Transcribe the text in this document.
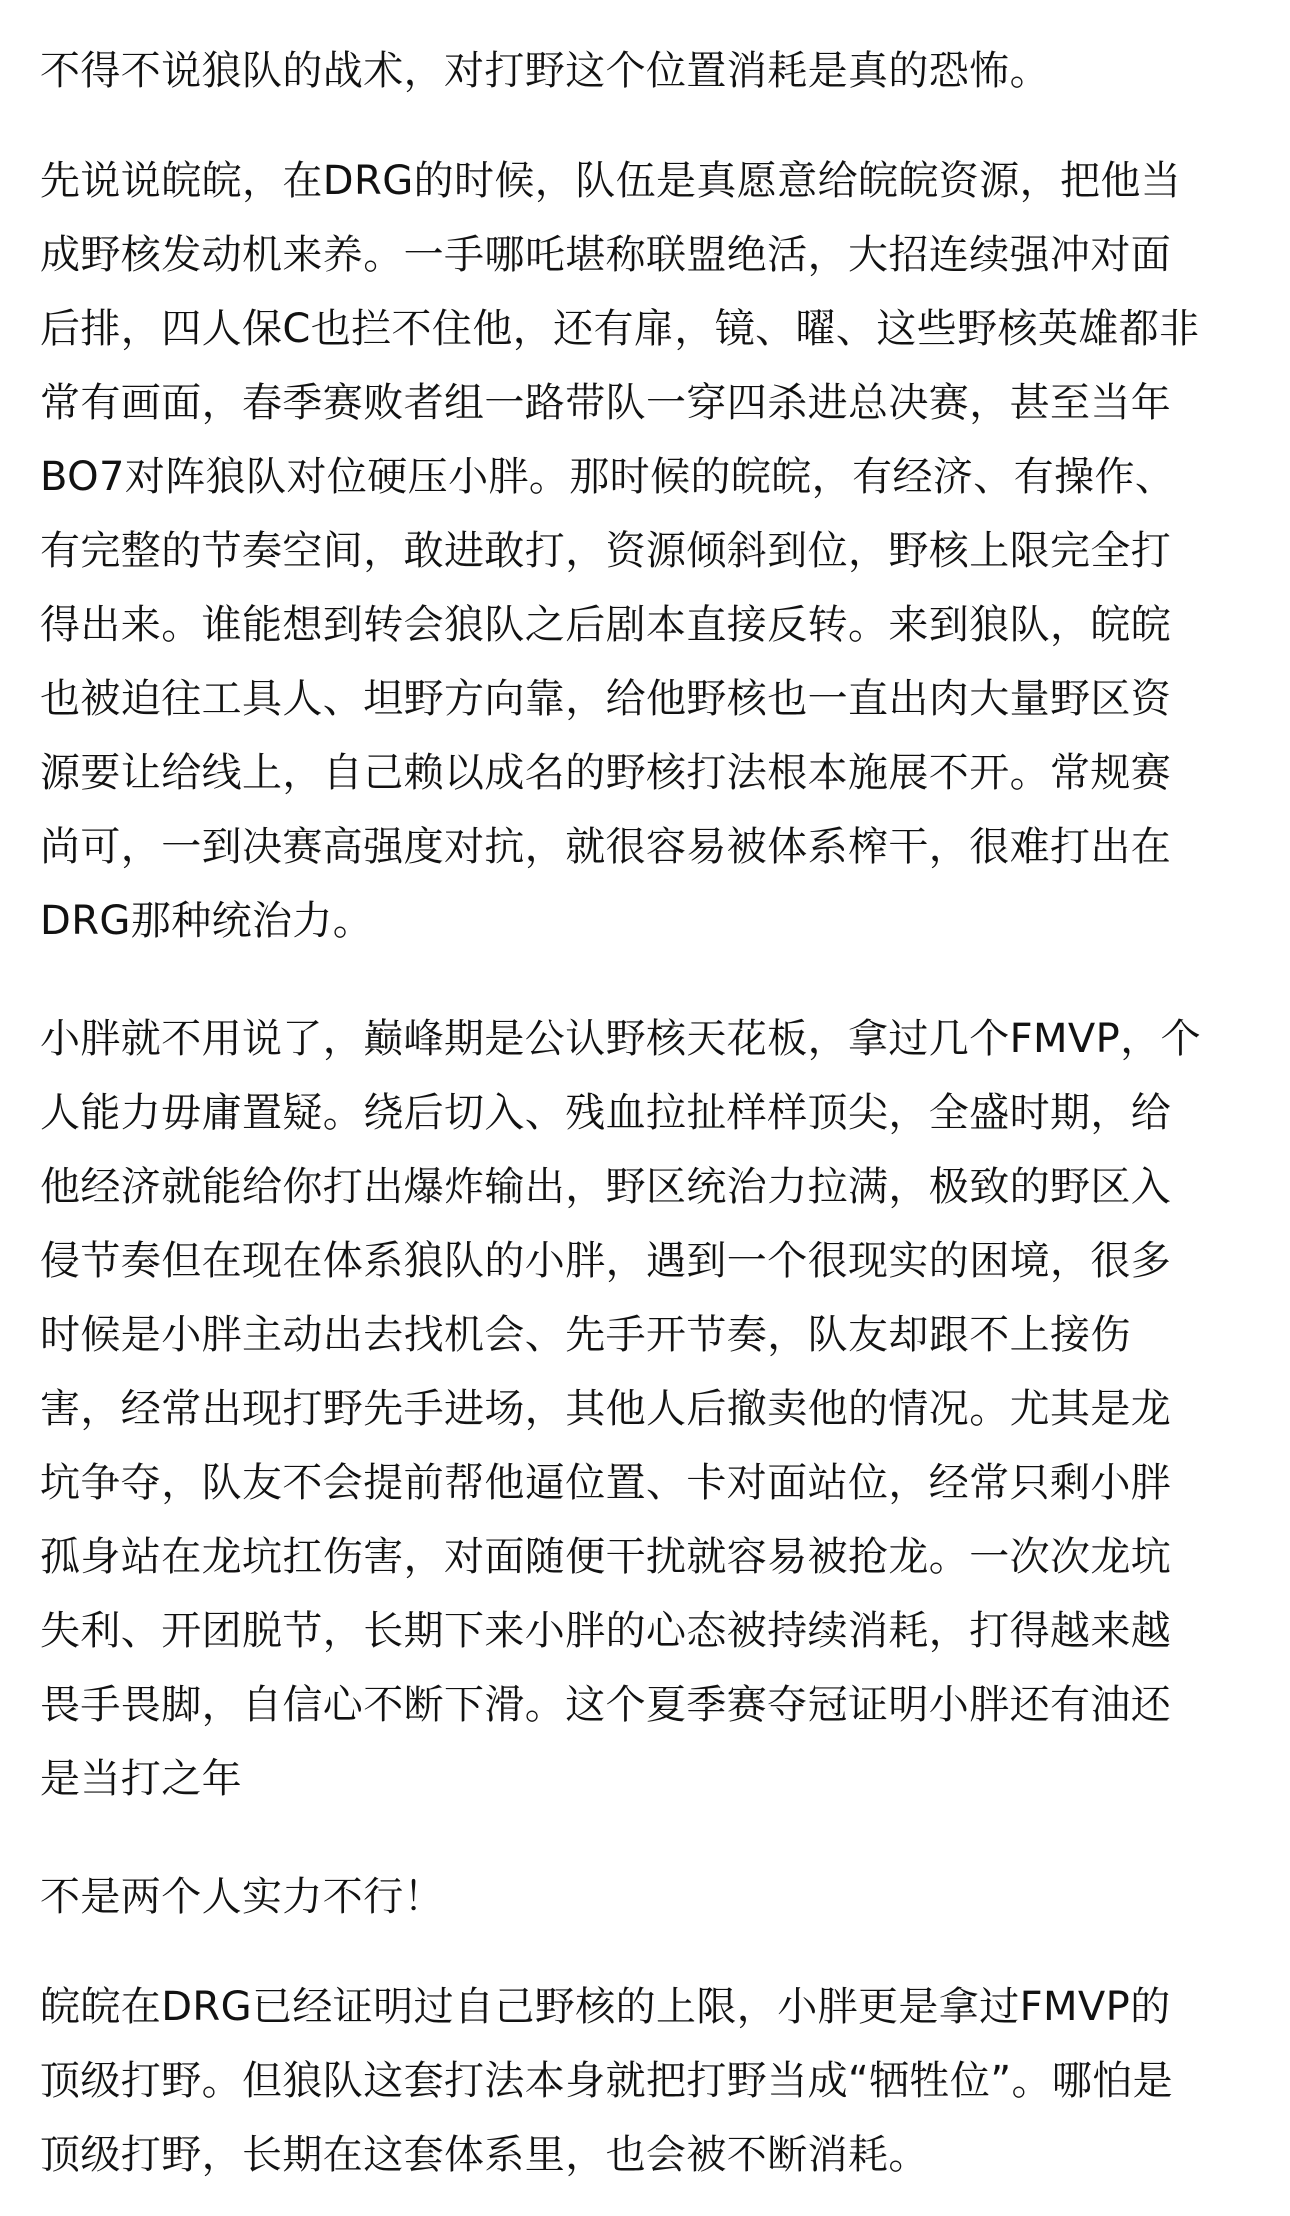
不得不说狼队的战术，对打野这个位置消耗是真的恐怖。

先说说皖皖，在DRG的时候，队伍是真愿意给皖皖资源，把他当
成野核发动机来养。一手哪吒堪称联盟绝活，大招连续强冲对面
后排，四人保C也拦不住他，还有扉，镜、曜、这些野核英雄都非
常有画面，春季赛败者组一路带队一穿四杀进总决赛，甚至当年
BO7对阵狼队对位硬压小胖。那时候的皖皖，有经济、有操作、
有完整的节奏空间，敢进敢打，资源倾斜到位，野核上限完全打
得出来。谁能想到转会狼队之后剧本直接反转。来到狼队，皖皖
也被迫往工具人、坦野方向靠，给他野核也一直出肉大量野区资
源要让给线上，自己赖以成名的野核打法根本施展不开。常规赛
尚可，一到决赛高强度对抗，就很容易被体系榨干，很难打出在
DRG那种统治力。

小胖就不用说了，巅峰期是公认野核天花板，拿过几个FMVP，个
人能力毋庸置疑。绕后切入、残血拉扯样样顶尖，全盛时期，给
他经济就能给你打出爆炸输出，野区统治力拉满，极致的野区入
侵节奏但在现在体系狼队的小胖，遇到一个很现实的困境，很多
时候是小胖主动出去找机会、先手开节奏，队友却跟不上接伤
害，经常出现打野先手进场，其他人后撤卖他的情况。尤其是龙
坑争夺，队友不会提前帮他逼位置、卡对面站位，经常只剩小胖
孤身站在龙坑扛伤害，对面随便干扰就容易被抢龙。一次次龙坑
失利、开团脱节，长期下来小胖的心态被持续消耗，打得越来越
畏手畏脚，自信心不断下滑。这个夏季赛夺冠证明小胖还有油还
是当打之年

不是两个人实力不行！

皖皖在DRG已经证明过自己野核的上限，小胖更是拿过FMVP的
顶级打野。但狼队这套打法本身就把打野当成“牺牲位”。哪怕是
顶级打野，长期在这套体系里，也会被不断消耗。
